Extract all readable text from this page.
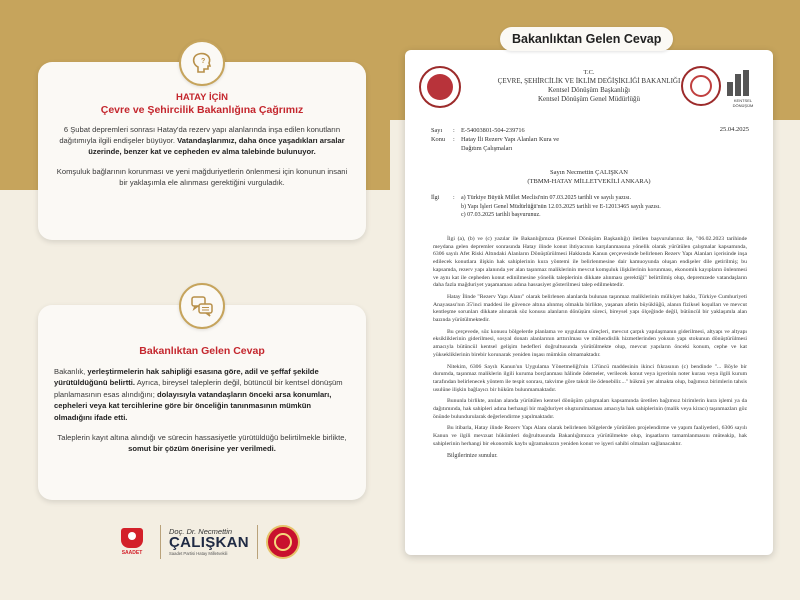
?
HATAY İÇİN
Çevre ve Şehircilik Bakanlığına Çağrımız
6 Şubat depremleri sonrası Hatay'da rezerv yapı alanlarında inşa edilen konutların dağıtımıyla ilgili endişeler büyüyor. Vatandaşlarımız, daha önce yaşadıkları arsalar üzerinde, benzer kat ve cepheden ev alma talebinde bulunuyor.
Komşuluk bağlarının korunması ve yeni mağduriyetlerin önlenmesi için konunun insani bir yaklaşımla ele alınması gerektiğini vurguladık.
Bakanlıktan Gelen Cevap
Bakanlık, yerleştirmelerin hak sahipliği esasına göre, adil ve şeffaf şekilde yürütüldüğünü belirtti. Ayrıca, bireysel taleplerin değil, bütüncül bir kentsel dönüşüm planlamasının esas alındığını; dolayısıyla vatandaşların önceki arsa konumları, cepheleri veya kat tercihlerine göre bir önceliğin tanınmasının mümkün olmadığını ifade etti.
Taleplerin kayıt altına alındığı ve sürecin hassasiyetle yürütüldüğü belirtilmekle birlikte, somut bir çözüm önerisine yer verilmedi.
SAADET
Doç. Dr. Necmettin
ÇALIŞKAN
Saadet Partisi Hatay Milletvekili
T.C.
ÇEVRE, ŞEHİRCİLİK VE İKLİM DEĞİŞİKLİĞİ BAKANLIĞI
Kentsel Dönüşüm Başkanlığı
Kentsel Dönüşüm Genel Müdürlüğü	KENTSEL DÖNÜŞÜM
Sayı	: E-54003801-504-239716
Konu	: Hatay İli Rezerv Yapı Alanları Kura ve Dağıtım Çalışmaları
25.04.2025
Sayın Necmettin ÇALIŞKAN
(TBMM-HATAY MİLLETVEKİLİ ANKARA)
İlgi	:	a) Türkiye Büyük Millet Meclisi'nin 07.03.2025 tarihli ve sayılı yazısı.
b) Yapı İşleri Genel Müdürlüğü'nün 12.03.2025 tarihli ve E-12013465 sayılı yazısı.
c) 07.03.2025 tarihli başvurunuz.

İlgi (a), (b) ve (c) yazılar ile Bakanlığımıza (Kentsel Dönüşüm Başkanlığı) iletilen başvurularınız ile, "06.02.2023 tarihinde meydana gelen depremler sonrasında Hatay ilinde konut ihtiyacının karşılanmasına yönelik olarak yürütülen çalışmalar kapsamında, 6306 sayılı Afet Riski Altındaki Alanların Dönüştürülmesi Hakkında Kanun çerçevesinde belirlenen Rezerv Yapı Alanları içerisinde inşa edilecek konutlara ilişkin hak sahiplerinin kura yöntemi ile belirlenmesine dair kamuoyunda oluşan endişeler dile getirilmiş; bu kapsamda, rezerv yapı alanında yer alan taşınmaz maliklerinin mevcut komşuluk ilişkilerinin korunması, ekonomik kayıpların önlenmesi ve aynı kat ile cepheden konut edinilmesine yönelik taleplerinin dikkate alınması gerektiği" belirtilmiş olup, depremzede vatandaşların daha fazla mağduriyet yaşamaması adına hassasiyet gösterilmesi talep edilmektedir.

Hatay İlinde "Rezerv Yapı Alanı" olarak belirlenen alanlarda bulunan taşınmaz maliklerinin mülkiyet hakkı, Türkiye Cumhuriyeti Anayasası'nın 35'inci maddesi ile güvence altına alınmış olmakla birlikte, yaşanan afetin büyüklüğü, alanın fiziksel koşulları ve mevcut kentleşme sorunları dikkate alınarak söz konusu alanların dönüşüm süreci, bireysel yapı ölçeğinde değil, bütüncül bir yaklaşımla alan bazında yürütülmektedir.

Bu çerçevede, söz konusu bölgelerde planlama ve uygulama süreçleri, mevcut çarpık yapılaşmanın giderilmesi, altyapı ve altyapı eksikliklerinin giderilmesi, sosyal donatı alanlarının arttırılması ve mühendislik hizmetlerinden yoksun yapı stokunun dönüştürülmesi amacıyla bütüncül kentsel gelişim hedefleri doğrultusunda yürütülmekte olup, mevcut yapıların önceki konum, cephe ve kat yüksekliklerinin birebir korunarak yeniden inşası mümkün olmamaktadır.

Nitekim, 6306 Sayılı Kanun'un Uygulama Yönetmeliği'nin 13'üncü maddesinin ikinci fıkrasının (c) bendinde "... Böyle bir durumda, taşınmaz maliklerin ilgili kuruma borçlanması hâlinde ödemeler, verilecek konut veya işyerinin noter kurası veya ilgili kurum tarafından belirlenecek yöntem ile tespit sonrası, takvime göre taksit ile ödenebilir...." hükmü yer almakta olup, bağımsız birimlerin tahsis usulüne ilişkin bağlayıcı bir hüküm bulunmamaktadır.

Bununla birlikte, anılan alanda yürütülen kentsel dönüşüm çalışmaları kapsamında üretilen bağımsız birimlerin kura işlemi ya da dağıtımında, hak sahipleri adına herhangi bir mağduriyet oluşturulmaması amacıyla hak sahiplerinin (malik veya kiracı) taşınmazları göz önünde bulundurularak değerlendirme yapılmaktadır.

Bu itibarla, Hatay ilinde Rezerv Yapı Alanı olarak belirlenen bölgelerde yürütülen projelendirme ve yapım faaliyetleri, 6306 sayılı Kanun ve ilgili mevzuat hükümleri doğrultusunda Bakanlığımızca yürütülmekte olup, inşaatların tamamlanmasını müteakip, hak sahiplerinin herhangi bir ekonomik kaybı uğramaksızın yeniden konut ve işyeri sahibi olmaları sağlanacaktır.

Bilgilerinize sunulur.

Bakanlıktan Gelen Cevap
